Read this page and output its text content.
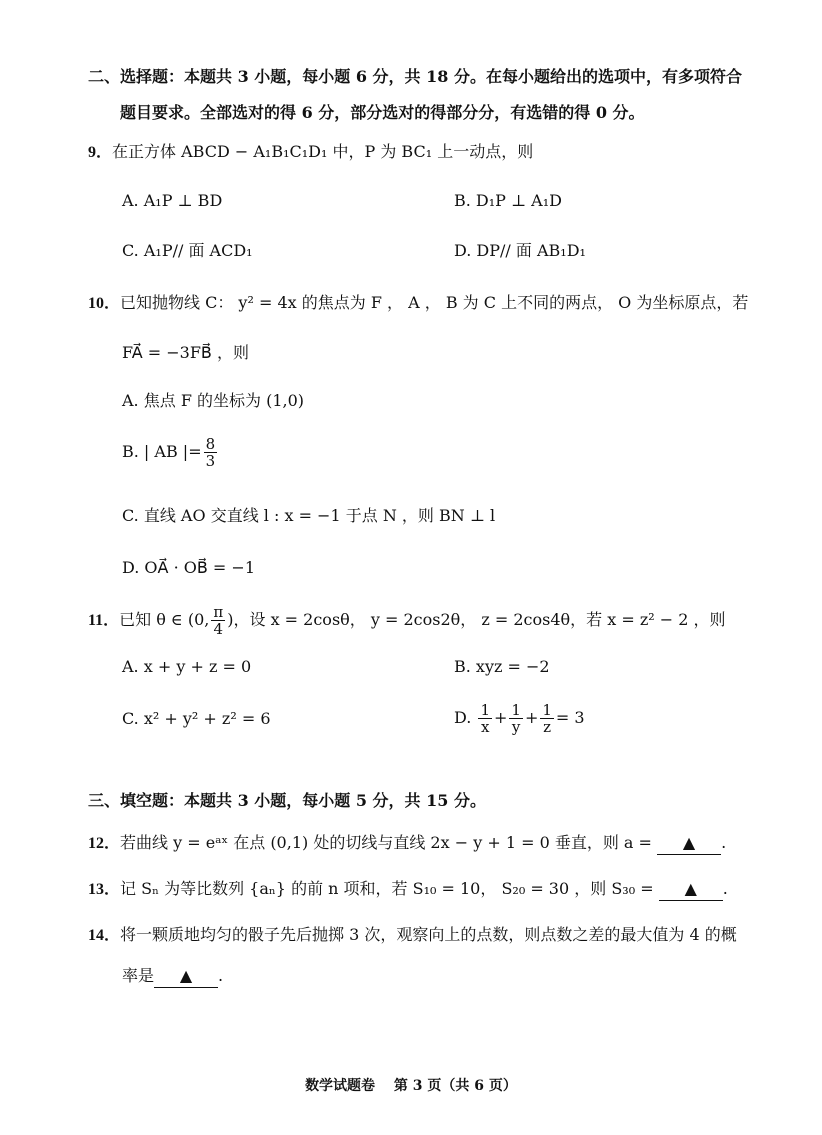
二、选择题：本题共 3 小题，每小题 6 分，共 18 分。在每小题给出的选项中，有多项符合
题目要求。全部选对的得 6 分，部分选对的得部分分，有选错的得 0 分。
9．在正方体 ABCD − A₁B₁C₁D₁ 中，P 为 BC₁ 上一动点，则
A. A₁P ⊥ BD	B. D₁P ⊥ A₁D
C. A₁P// 面 ACD₁	D. DP// 面 AB₁D₁
10．已知抛物线 C： y² = 4x 的焦点为 F ， A ， B 为 C 上不同的两点， O 为坐标原点，若
FA⃗ = −3FB⃗ ，则
A. 焦点 F 的坐标为 (1,0)
B. | AB |= $\frac{8}{3}$
C. 直线 AO 交直线 l : x = −1 于点 N ，则 BN ⊥ l
D. OA⃗ · OB⃗ = −1
11．已知 θ ∈ (0, $\frac{\pi}{4}$ )，设 x = 2cosθ， y = 2cos2θ， z = 2cos4θ，若 x = z² − 2 ，则
A. x + y + z = 0	B. xyz = −2
C. x² + y² + z² = 6	D. $\frac{1}{x} + \frac{1}{y} + \frac{1}{z} = 3$
三、填空题：本题共 3 小题，每小题 5 分，共 15 分。
12．若曲线 y = eᵃˣ 在点 (0,1) 处的切线与直线 2x − y + 1 = 0 垂直，则 a = ▲ .
13．记 Sₙ 为等比数列 {aₙ} 的前 n 项和，若 S₁₀ = 10， S₂₀ = 30 ，则 S₃₀ = ▲ .
14．将一颗质地均匀的骰子先后抛掷 3 次，观察向上的点数，则点数之差的最大值为 4 的概
率是 ▲ .
数学试题卷　 第 3 页（共 6 页）
